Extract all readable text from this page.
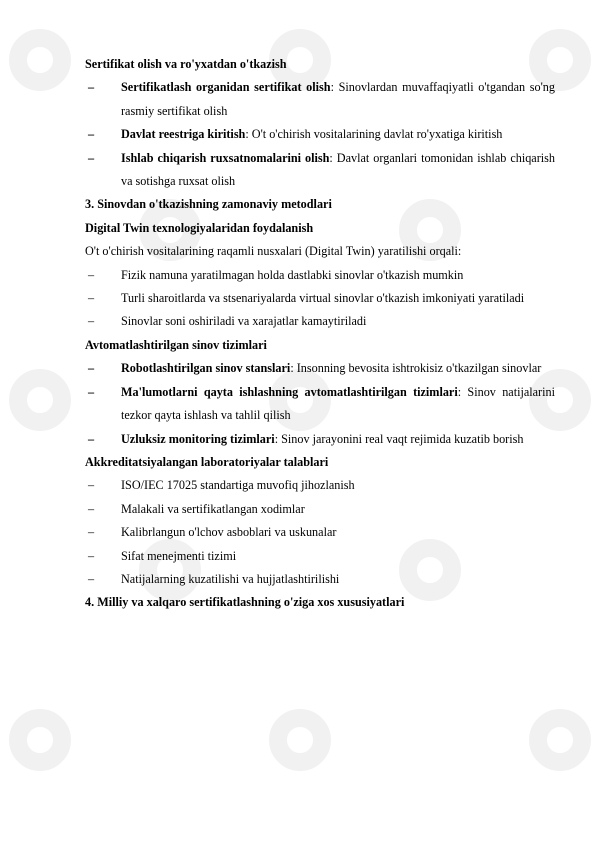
Sertifikat olish va ro'yxatdan o'tkazish

–	Sertifikatlash organidan sertifikat olish: Sinovlardan muvaffaqiyatli o'tgandan so'ng rasmiy sertifikat olish
–	Davlat reestriga kiritish: O't o'chirish vositalarining davlat ro'yxatiga kiritish
–	Ishlab chiqarish ruxsatnomalarini olish: Davlat organlari tomonidan ishlab chiqarish va sotishga ruxsat olish

3. Sinovdan o'tkazishning zamonaviy metodlari

Digital Twin texnologiyalaridan foydalanish

O't o'chirish vositalarining raqamli nusxalari (Digital Twin) yaratilishi orqali:

–	Fizik namuna yaratilmagan holda dastlabki sinovlar o'tkazish mumkin
–	Turli sharoitlarda va stsenariyalarda virtual sinovlar o'tkazish imkoniyati yaratiladi
–	Sinovlar soni oshiriladi va xarajatlar kamaytiriladi

Avtomatlashtirilgan sinov tizimlari

–	Robotlashtirilgan sinov stanslari: Insonning bevosita ishtrokisiz o'tkazilgan sinovlar
–	Ma'lumotlarni qayta ishlashning avtomatlashtirilgan tizimlari: Sinov natijalarini tezkor qayta ishlash va tahlil qilish
–	Uzluksiz monitoring tizimlari: Sinov jarayonini real vaqt rejimida kuzatib borish

Akkreditatsiyalangan laboratoriyalar talablari

–	ISO/IEC 17025 standartiga muvofiq jihozlanish
–	Malakali va sertifikatlangan xodimlar
–	Kalibrlangun o'lchov asboblari va uskunalar
–	Sifat menejmenti tizimi
–	Natijalarning kuzatilishi va hujjatlashtirilishi

4. Milliy va xalqaro sertifikatlashning o'ziga xos xususiyatlari
